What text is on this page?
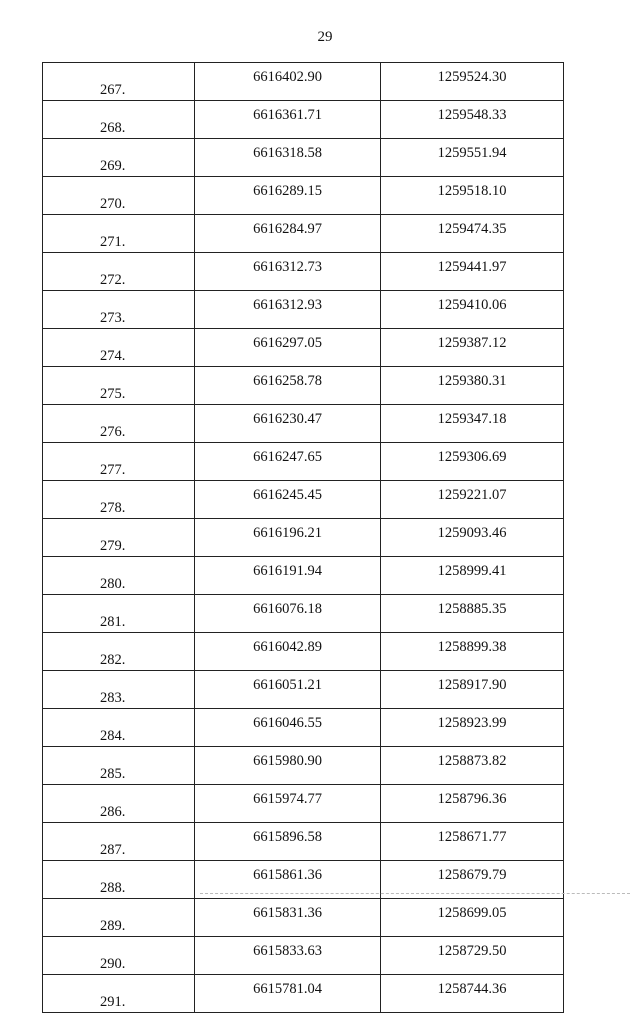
29
267.	6616402.90	1259524.30
268.	6616361.71	1259548.33
269.	6616318.58	1259551.94
270.	6616289.15	1259518.10
271.	6616284.97	1259474.35
272.	6616312.73	1259441.97
273.	6616312.93	1259410.06
274.	6616297.05	1259387.12
275.	6616258.78	1259380.31
276.	6616230.47	1259347.18
277.	6616247.65	1259306.69
278.	6616245.45	1259221.07
279.	6616196.21	1259093.46
280.	6616191.94	1258999.41
281.	6616076.18	1258885.35
282.	6616042.89	1258899.38
283.	6616051.21	1258917.90
284.	6616046.55	1258923.99
285.	6615980.90	1258873.82
286.	6615974.77	1258796.36
287.	6615896.58	1258671.77
288.	6615861.36	1258679.79
289.	6615831.36	1258699.05
290.	6615833.63	1258729.50
291.	6615781.04	1258744.36
